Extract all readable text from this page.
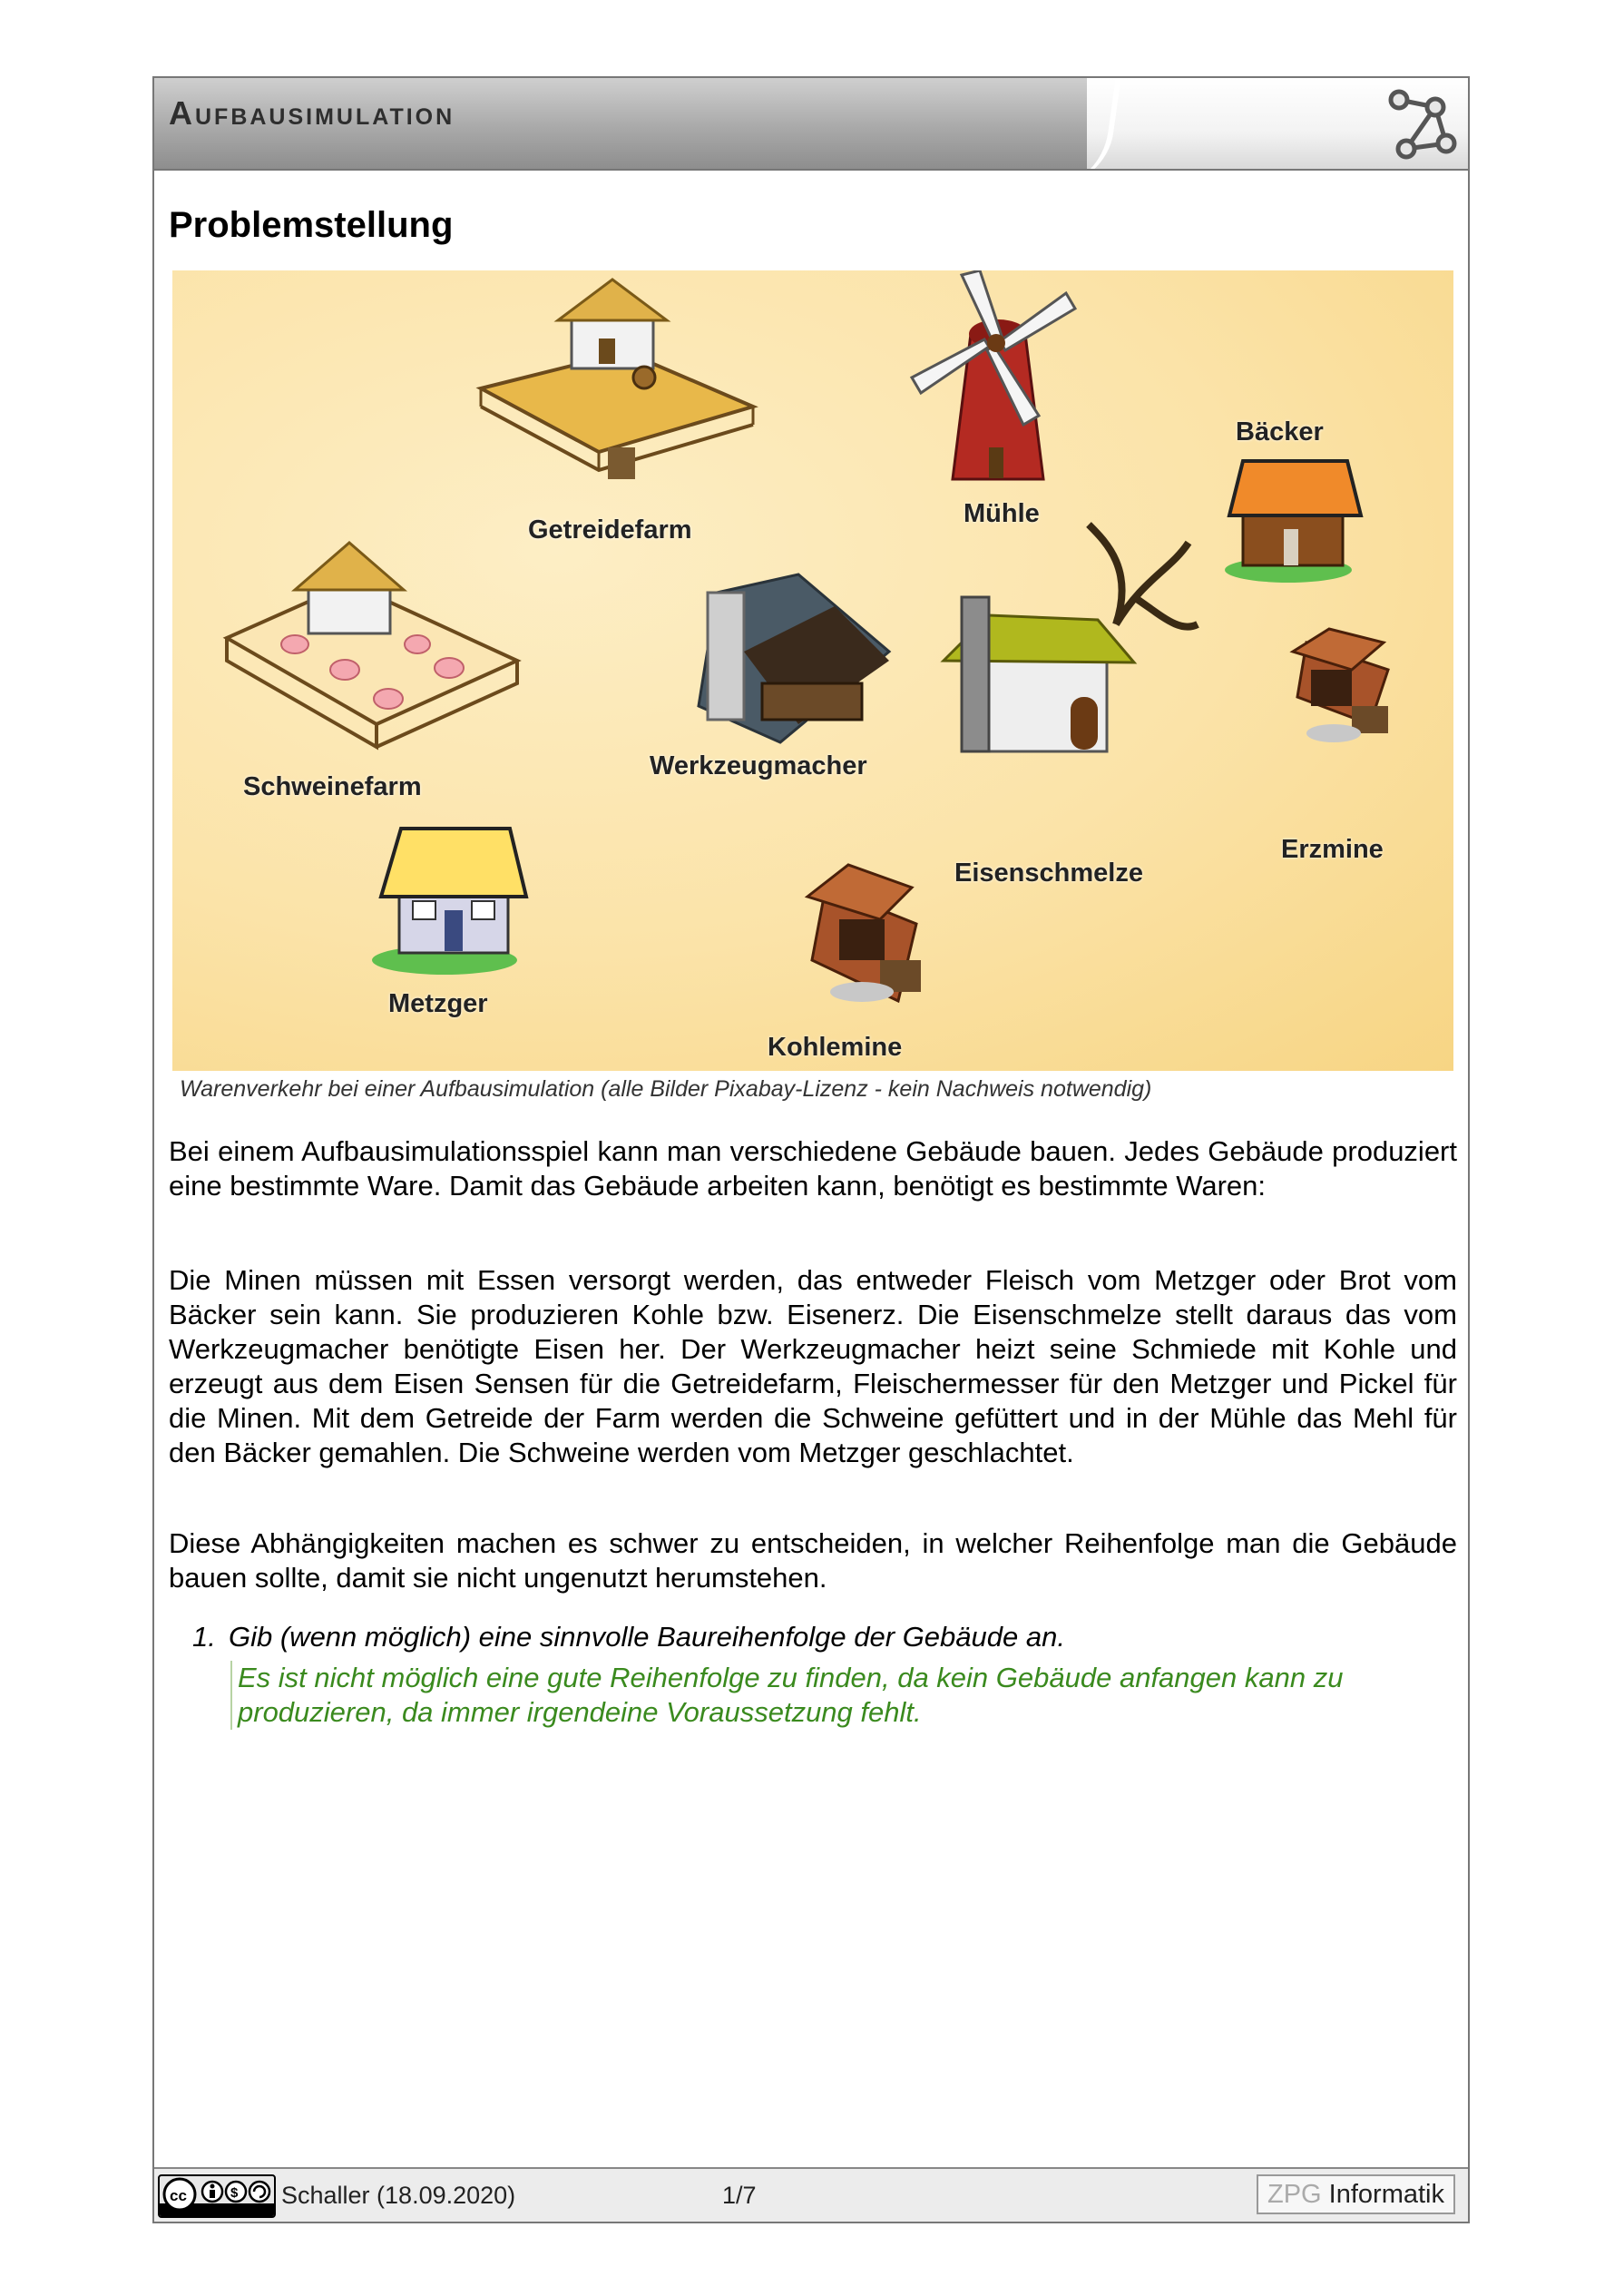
Aufbausimulation
Problemstellung
Getreidefarm
Mühle
Bäcker
Schweinefarm
Werkzeugmacher
Erzmine
Eisenschmelze
Metzger
Kohlemine
Warenverkehr bei einer Aufbausimulation (alle Bilder Pixabay-Lizenz - kein Nachweis notwendig)
Bei einem Aufbausimulationsspiel kann man verschiedene Gebäude bauen. Jedes Gebäude produziert eine bestimmte Ware. Damit das Gebäude arbeiten kann, benötigt es bestimmte Waren:
Die Minen müssen mit Essen versorgt werden, das entweder Fleisch vom Metzger oder Brot vom Bäcker sein kann. Sie produzieren Kohle bzw. Eisenerz. Die Eisenschmelze stellt daraus das vom Werkzeugmacher benötigte Eisen her. Der Werkzeugmacher heizt seine Schmiede mit Kohle und erzeugt aus dem Eisen Sensen für die Getreidefarm, Fleischermesser für den Metzger und Pickel für die Minen. Mit dem Getreide der Farm werden die Schweine gefüttert und in der Mühle das Mehl für den Bäcker gemahlen. Die Schweine werden vom Metzger geschlachtet.
Diese Abhängigkeiten machen es schwer zu entscheiden, in welcher Reihenfolge man die Gebäude bauen sollte, damit sie nicht ungenutzt herumstehen.
1. Gib (wenn möglich) eine sinnvolle Baureihenfolge der Gebäude an.
Es ist nicht möglich eine gute Reihenfolge zu finden, da kein Gebäude anfangen kann zu produzieren, da immer irgendeine Voraussetzung fehlt.
cc	$ Schaller (18.09.2020)	1/7	ZPG Informatik
